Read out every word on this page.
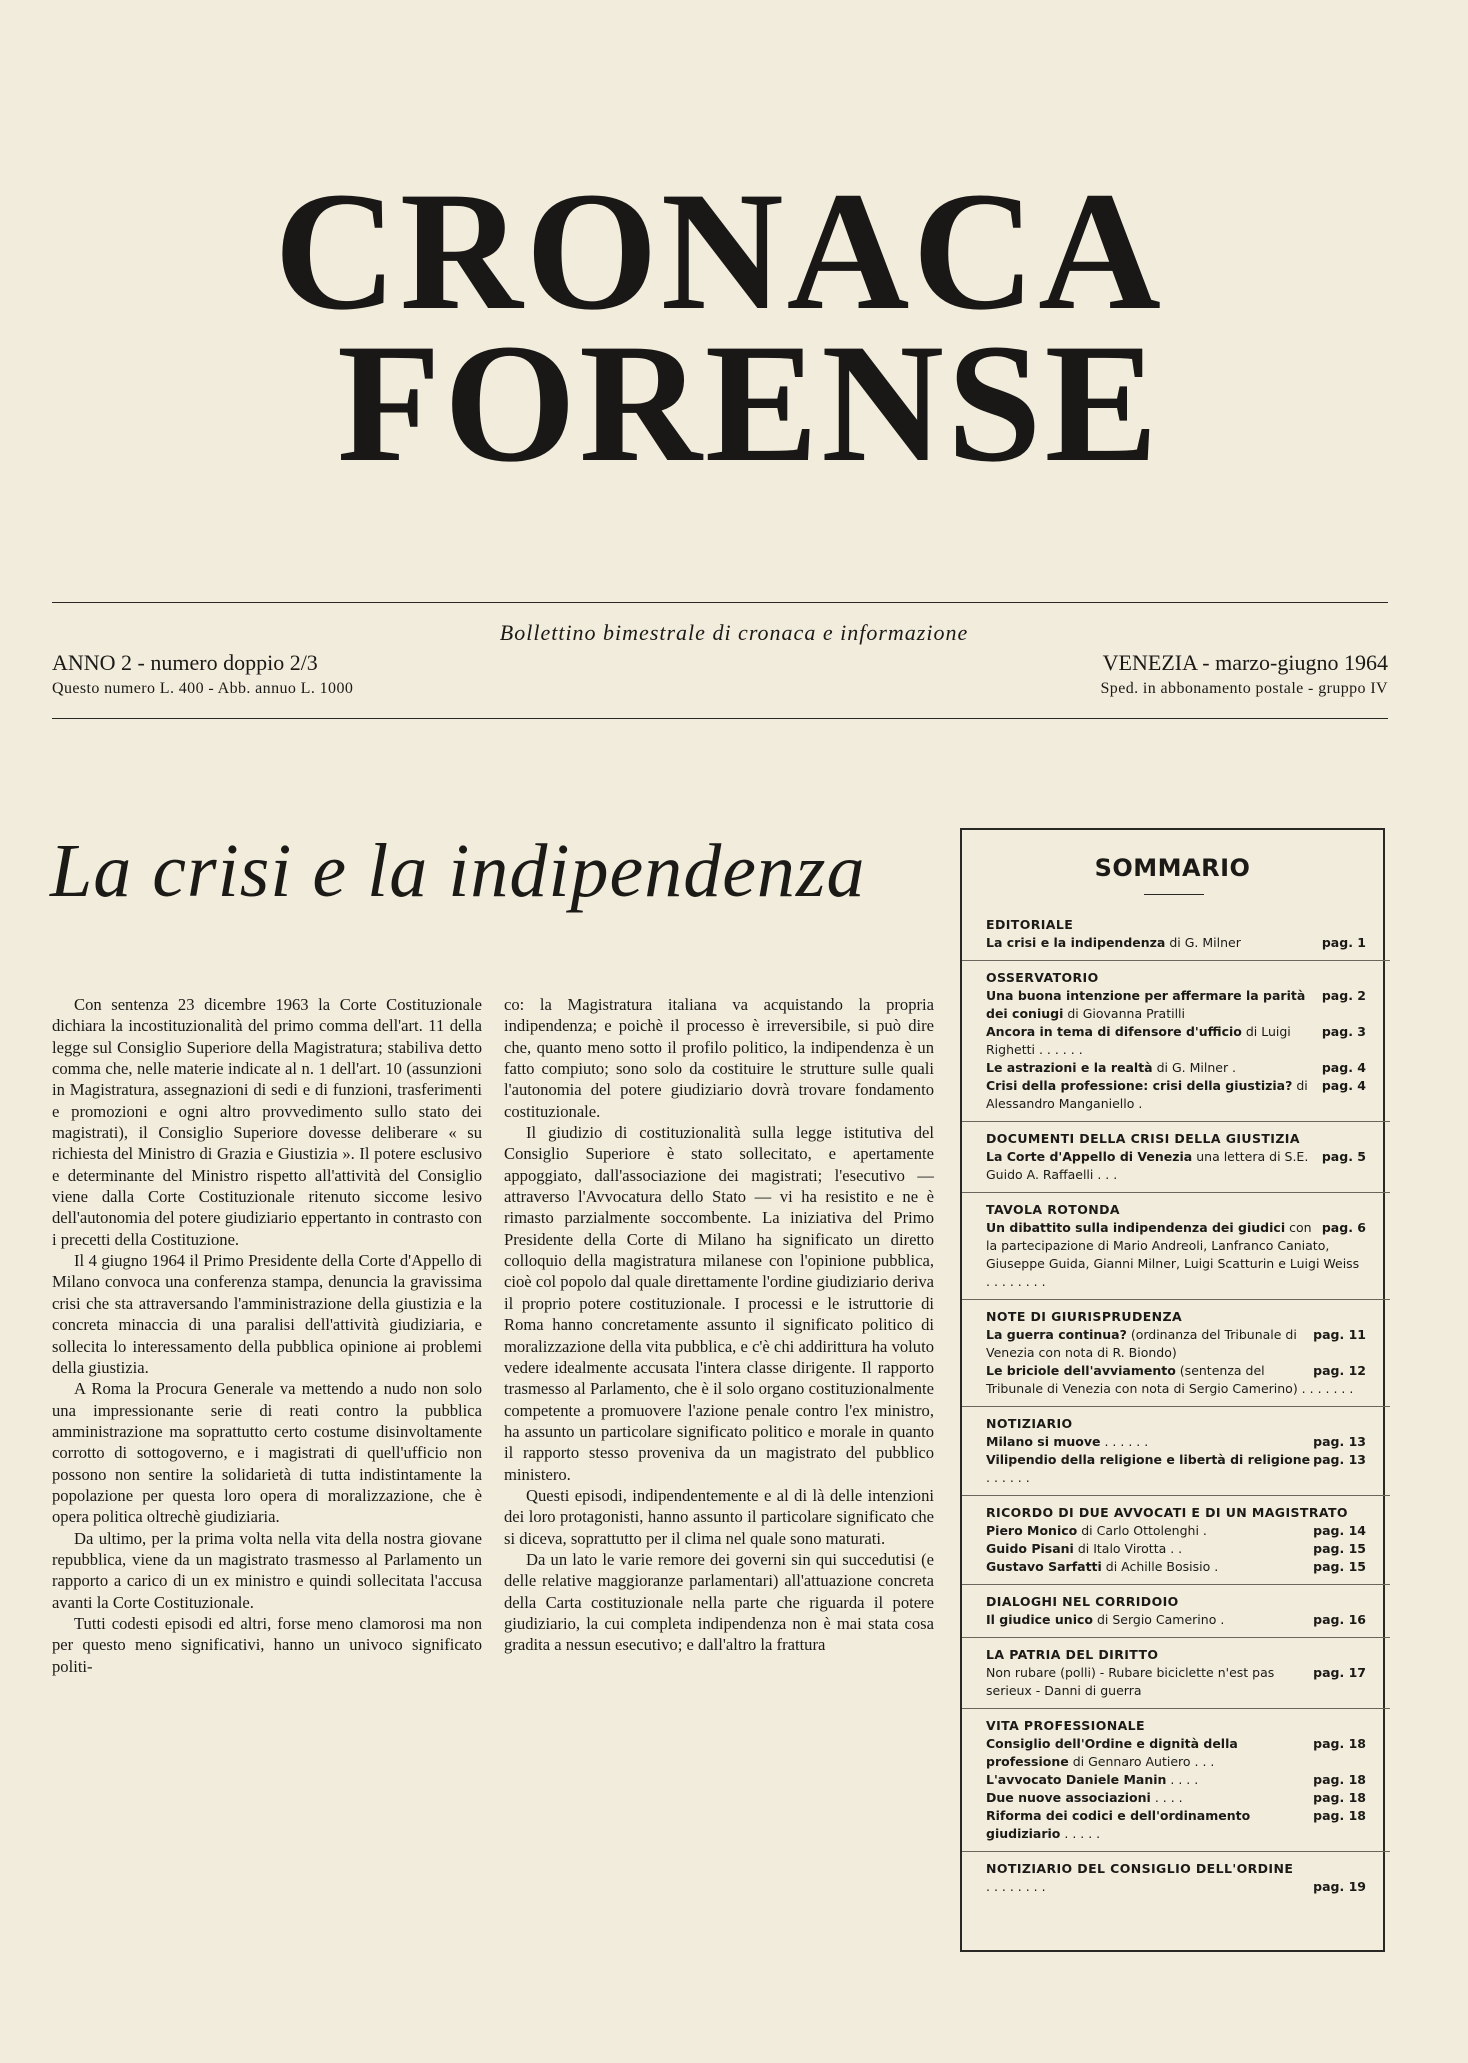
CRONACA
FORENSE
Bollettino bimestrale di cronaca e informazione
ANNO 2 - numero doppio 2/3
Questo numero L. 400 - Abb. annuo L. 1000
VENEZIA - marzo-giugno 1964
Sped. in abbonamento postale - gruppo IV
La crisi e la indipendenza

Con sentenza 23 dicembre 1963 la Corte Costituzionale dichiara la incostituzionalità del primo comma dell'art. 11 della legge sul Consiglio Superiore della Magistratura; stabiliva detto comma che, nelle materie indicate al n. 1 dell'art. 10 (assunzioni in Magistratura, assegnazioni di sedi e di funzioni, trasferimenti e promozioni e ogni altro provvedimento sullo stato dei magistrati), il Consiglio Superiore dovesse deliberare « su richiesta del Ministro di Grazia e Giustizia ». Il potere esclusivo e determinante del Ministro rispetto all'attività del Consiglio viene dalla Corte Costituzionale ritenuto siccome lesivo dell'autonomia del potere giudiziario eppertanto in contrasto con i precetti della Costituzione.

Il 4 giugno 1964 il Primo Presidente della Corte d'Appello di Milano convoca una conferenza stampa, denuncia la gravissima crisi che sta attraversando l'amministrazione della giustizia e la concreta minaccia di una paralisi dell'attività giudiziaria, e sollecita lo interessamento della pubblica opinione ai problemi della giustizia.

A Roma la Procura Generale va mettendo a nudo non solo una impressionante serie di reati contro la pubblica amministrazione ma soprattutto certo costume disinvoltamente corrotto di sottogoverno, e i magistrati di quell'ufficio non possono non sentire la solidarietà di tutta indistintamente la popolazione per questa loro opera di moralizzazione, che è opera politica oltrechè giudiziaria.

Da ultimo, per la prima volta nella vita della nostra giovane repubblica, viene da un magistrato trasmesso al Parlamento un rapporto a carico di un ex ministro e quindi sollecitata l'accusa avanti la Corte Costituzionale.

Tutti codesti episodi ed altri, forse meno clamorosi ma non per questo meno significativi, hanno un univoco significato politi-

co: la Magistratura italiana va acquistando la propria indipendenza; e poichè il processo è irreversibile, si può dire che, quanto meno sotto il profilo politico, la indipendenza è un fatto compiuto; sono solo da costituire le strutture sulle quali l'autonomia del potere giudiziario dovrà trovare fondamento costituzionale.

Il giudizio di costituzionalità sulla legge istitutiva del Consiglio Superiore è stato sollecitato, e apertamente appoggiato, dall'associazione dei magistrati; l'esecutivo — attraverso l'Avvocatura dello Stato — vi ha resistito e ne è rimasto parzialmente soccombente. La iniziativa del Primo Presidente della Corte di Milano ha significato un diretto colloquio della magistratura milanese con l'opinione pubblica, cioè col popolo dal quale direttamente l'ordine giudiziario deriva il proprio potere costituzionale. I processi e le istruttorie di Roma hanno concretamente assunto il significato politico di moralizzazione della vita pubblica, e c'è chi addirittura ha voluto vedere idealmente accusata l'intera classe dirigente. Il rapporto trasmesso al Parlamento, che è il solo organo costituzionalmente competente a promuovere l'azione penale contro l'ex ministro, ha assunto un particolare significato politico e morale in quanto il rapporto stesso proveniva da un magistrato del pubblico ministero.

Questi episodi, indipendentemente e al di là delle intenzioni dei loro protagonisti, hanno assunto il particolare significato che si diceva, soprattutto per il clima nel quale sono maturati.

Da un lato le varie remore dei governi sin qui succedutisi (e delle relative maggioranze parlamentari) all'attuazione concreta della Carta costituzionale nella parte che riguarda il potere giudiziario, la cui completa indipendenza non è mai stata cosa gradita a nessun esecutivo; e dall'altro la frattura

SOMMARIO
EDITORIALE
pag. 1
La crisi e la indipendenza di G. Milner
OSSERVATORIO
pag. 2
Una buona intenzione per affermare la parità dei coniugi di Giovanna Pratilli
pag. 3
Ancora in tema di difensore d'ufficio di Luigi Righetti . . . . . .
pag. 4
Le astrazioni e la realtà di G. Milner .
pag. 4
Crisi della professione: crisi della giustizia? di Alessandro Manganiello .
DOCUMENTI DELLA CRISI DELLA GIUSTIZIA
pag. 5
La Corte d'Appello di Venezia una lettera di S.E. Guido A. Raffaelli . . .
TAVOLA ROTONDA
pag. 6
Un dibattito sulla indipendenza dei giudici con la partecipazione di Mario Andreoli, Lanfranco Caniato, Giuseppe Guida, Gianni Milner, Luigi Scatturin e Luigi Weiss . . . . . . . .
NOTE DI GIURISPRUDENZA
pag. 11
La guerra continua? (ordinanza del Tribunale di Venezia con nota di R. Biondo)
pag. 12
Le briciole dell'avviamento (sentenza del Tribunale di Venezia con nota di Sergio Camerino) . . . . . . .
NOTIZIARIO
pag. 13
Milano si muove . . . . . .
pag. 13
Vilipendio della religione e libertà di religione . . . . . .
RICORDO DI DUE AVVOCATI E DI UN MAGISTRATO
pag. 14
Piero Monico di Carlo Ottolenghi .
pag. 15
Guido Pisani di Italo Virotta . .
pag. 15
Gustavo Sarfatti di Achille Bosisio .
DIALOGHI NEL CORRIDOIO
pag. 16
Il giudice unico di Sergio Camerino .
LA PATRIA DEL DIRITTO
pag. 17
Non rubare (polli) - Rubare biciclette n'est pas serieux - Danni di guerra
VITA PROFESSIONALE
pag. 18
Consiglio dell'Ordine e dignità della professione di Gennaro Autiero . . .
pag. 18
L'avvocato Daniele Manin . . . .
pag. 18
Due nuove associazioni . . . .
pag. 18
Riforma dei codici e dell'ordinamento giudiziario . . . . .
NOTIZIARIO DEL CONSIGLIO DELL'ORDINE
pag. 19
. . . . . . . .
